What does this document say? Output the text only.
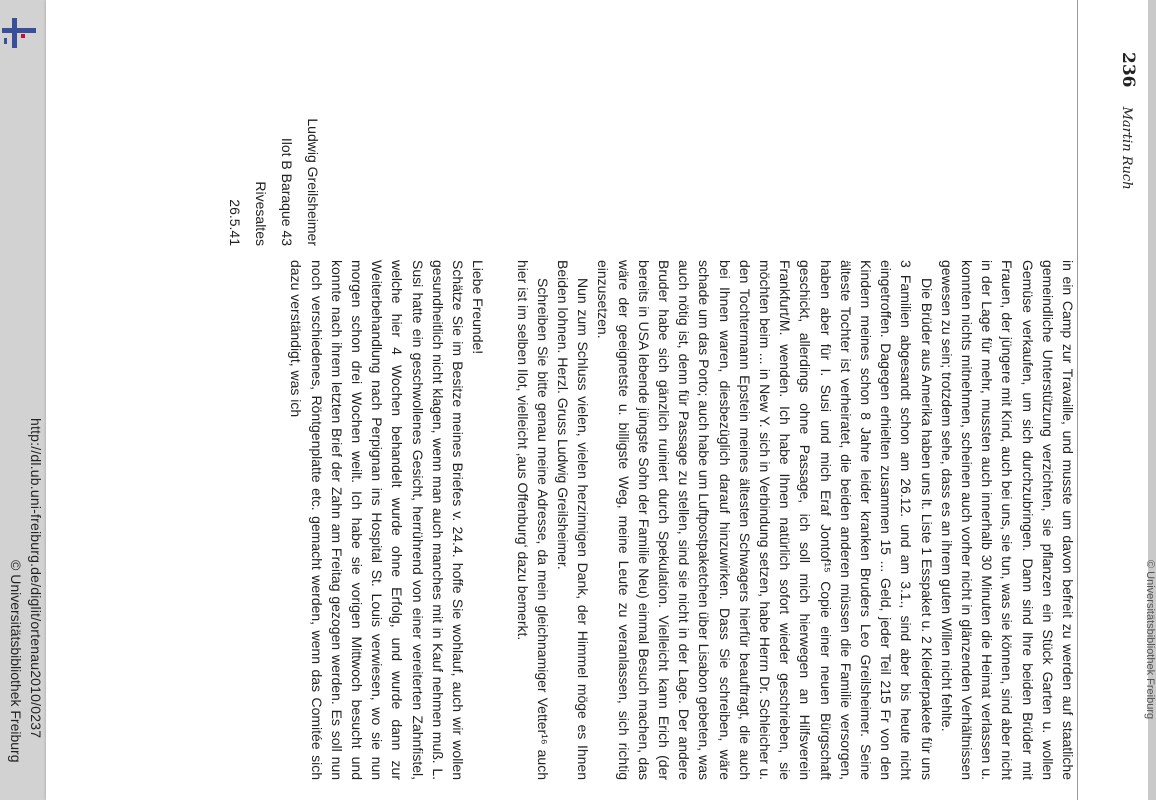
236 Martin Ruch
© Universitätsbibliothek Freiburg

in ein Camp zur Travaille, und musste um davon befreit zu werden auf staatliche gemeindliche Unterstützung verzichten, sie pflanzen ein Stück Garten u. wollen Gemüse verkaufen, um sich durchzubringen. Dann sind Ihre beiden Brüder mit Frauen, der jüngere mit Kind, auch bei uns, sie tun, was sie können, sind aber nicht in der Lage für mehr, mussten auch innerhalb 30 Minuten die Heimat verlassen u. konnten nichts mitnehmen, scheinen auch vorher nicht in glänzenden Verhältnissen gewesen zu sein; trotzdem sehe, dass es an ihrem guten Willen nicht fehlte.

Die Brüder aus Amerika haben uns lt. Liste 1 Esspaket u. 2 Kleiderpakete für uns 3 Familien abgesandt schon am 26.12. und am 3.1., sind aber bis heute nicht eingetroffen. Dagegen erhielten zusammen 15 ... Geld, jeder Teil 215 Fr von den Kindern meines schon 8 Jahre leider kranken Bruders Leo Greilsheimer. Seine älteste Tochter ist verheiratet, die beiden anderen müssen die Familie versorgen, haben aber für I. Susi und mich Eraf Jontof¹⁵ Copie einer neuen Bürgschaft geschickt, allerdings ohne Passage, ich soll mich hierwegen an Hilfsverein Frankfurt/M. wenden. Ich habe Ihnen natürlich sofort wieder geschrieben, sie möchten beim ... in New Y. sich in Verbindung setzen, habe Herrn Dr. Schleicher u. den Tochtermann Epstein meines ältesten Schwagers hierfür beauftragt, die auch bei Ihnen waren, diesbezüglich darauf hinzuwirken. Dass Sie schreiben, wäre schade um das Porto; auch habe um Luftpostpaketchen über Lisabon gebeten, was auch nötig ist, denn für Passage zu stellen, sind sie nicht in der Lage. Der andere Bruder habe sich gänzlich ruiniert durch Spekulation. Vielleicht kann Erich (der bereits in USA lebende jüngste Sohn der Familie Neu) einmal Besuch machen, das wäre der geeignetste u. billigste Weg, meine Leute zu veranlassen, sich richtig einzusetzen.

Nun zum Schluss vielen, vielen herzinnigen Dank, der Himmel möge es Ihnen Beiden lohnen. Herzl. Gruss Ludwig Greilsheimer.

Schreiben Sie bitte genau meine Adresse, da mein gleichnamiger Vetter¹⁶ auch hier ist im selben Ilot, vielleicht ‚aus Offenburg‘ dazu bemerkt.

Liebe Freunde!

Schätze Sie im Besitze meines Briefes v. 24.4. hoffe Sie wohlauf, auch wir wollen gesundheitlich nicht klagen, wenn man auch manches mit in Kauf nehmen muß. L. Susi hatte ein geschwollenes Gesicht, herrührend von einer vereiterten Zahnfistel, welche hier 4 Wochen behandelt wurde ohne Erfolg, und wurde dann zur Weiterbehandlung nach Perpignan ins Hospital St. Louis verwiesen, wo sie nun morgen schon drei Wochen weilt. Ich habe sie vorigen Mittwoch besucht und konnte nach ihrem letzten Brief der Zahn am Freitag gezogen werden. Es soll nun noch verschiedenes, Röntgenplatte etc. gemacht werden, wenn das Comitée sich dazu verständigt, was ich

Ludwig Greilsheimer
Ilot B Baraque 43
Rivesaltes
26.5.41
http://dl.ub.uni-freiburg.de/diglit/ortenau2010/0237
© Universitätsbibliothek Freiburg
